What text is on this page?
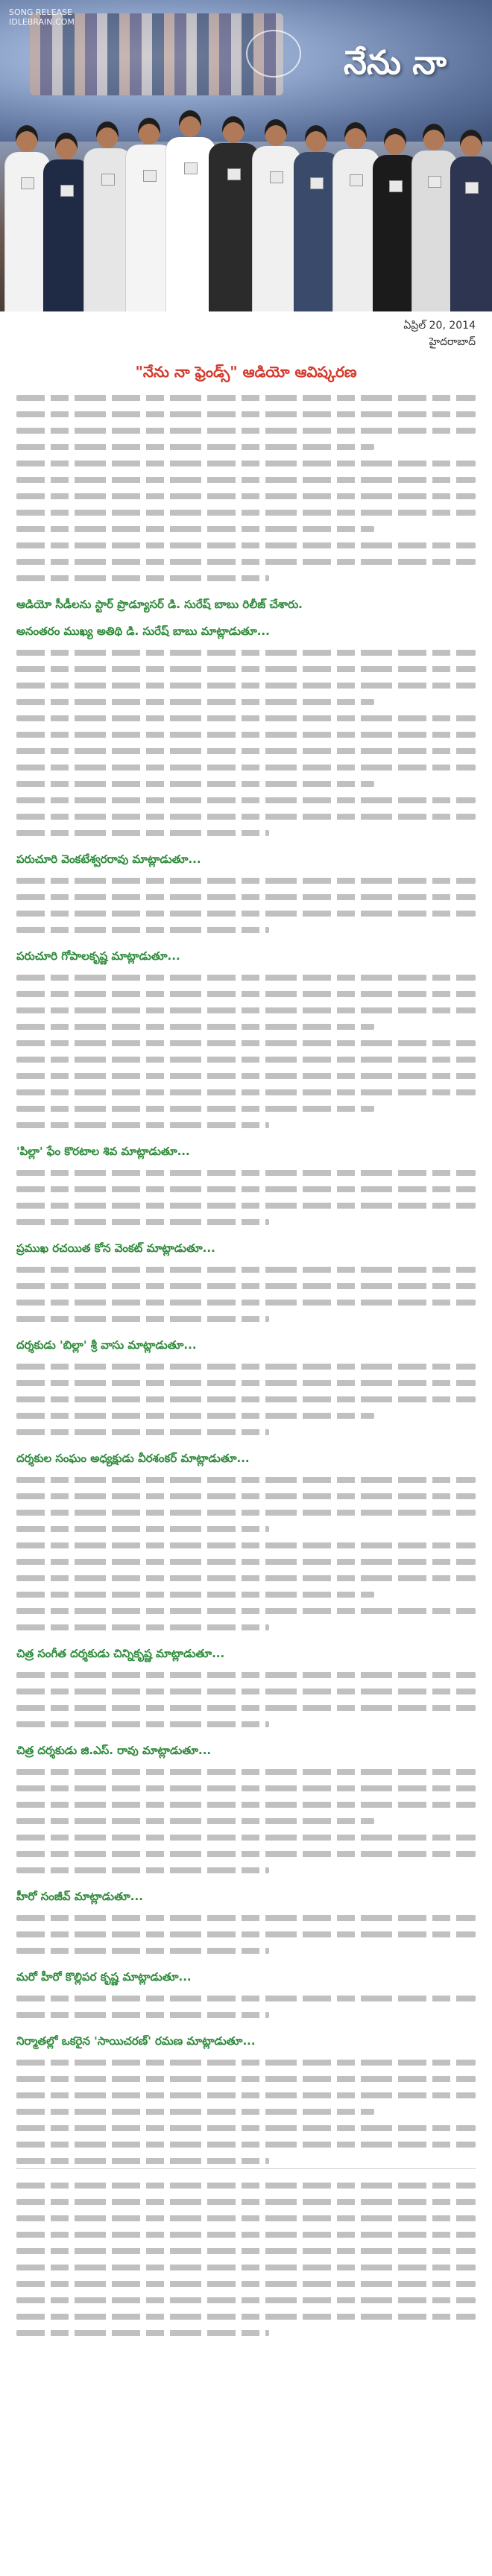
నేను నా
SONG RELEASE
IDLEBRAIN.COM
ఏప్రిల్ 20, 2014
హైదరాబాద్
"నేను నా ఫ్రెండ్స్" ఆడియో ఆవిష్కరణ
ఆడియో సీడీలను స్టార్ ప్రొడ్యూసర్ డి. సురేష్ బాబు రిలీజ్ చేశారు.
అనంతరం ముఖ్య అతిథి డి. సురేష్ బాబు మాట్లాడుతూ...
పరుచూరి వెంకటేశ్వరరావు మాట్లాడుతూ...
పరుచూరి గోపాలకృష్ణ మాట్లాడుతూ...
'పిల్లా' ఫేం కొరటాల శివ మాట్లాడుతూ...
ప్రముఖ రచయిత కోన వెంకట్ మాట్లాడుతూ...
దర్శకుడు 'బిల్లా' శ్రీ వాసు మాట్లాడుతూ...
దర్శకుల సంఘం అధ్యక్షుడు వీరశంకర్ మాట్లాడుతూ...
చిత్ర సంగీత దర్శకుడు చిన్నికృష్ణ మాట్లాడుతూ...
చిత్ర దర్శకుడు జి.ఎస్. రావు మాట్లాడుతూ...
హీరో సంజీవ్ మాట్లాడుతూ...
మరో హీరో కొల్లిపర కృష్ణ మాట్లాడుతూ...
నిర్మాతల్లో ఒకరైన 'సాయిచరణ్' రమణ మాట్లాడుతూ...
